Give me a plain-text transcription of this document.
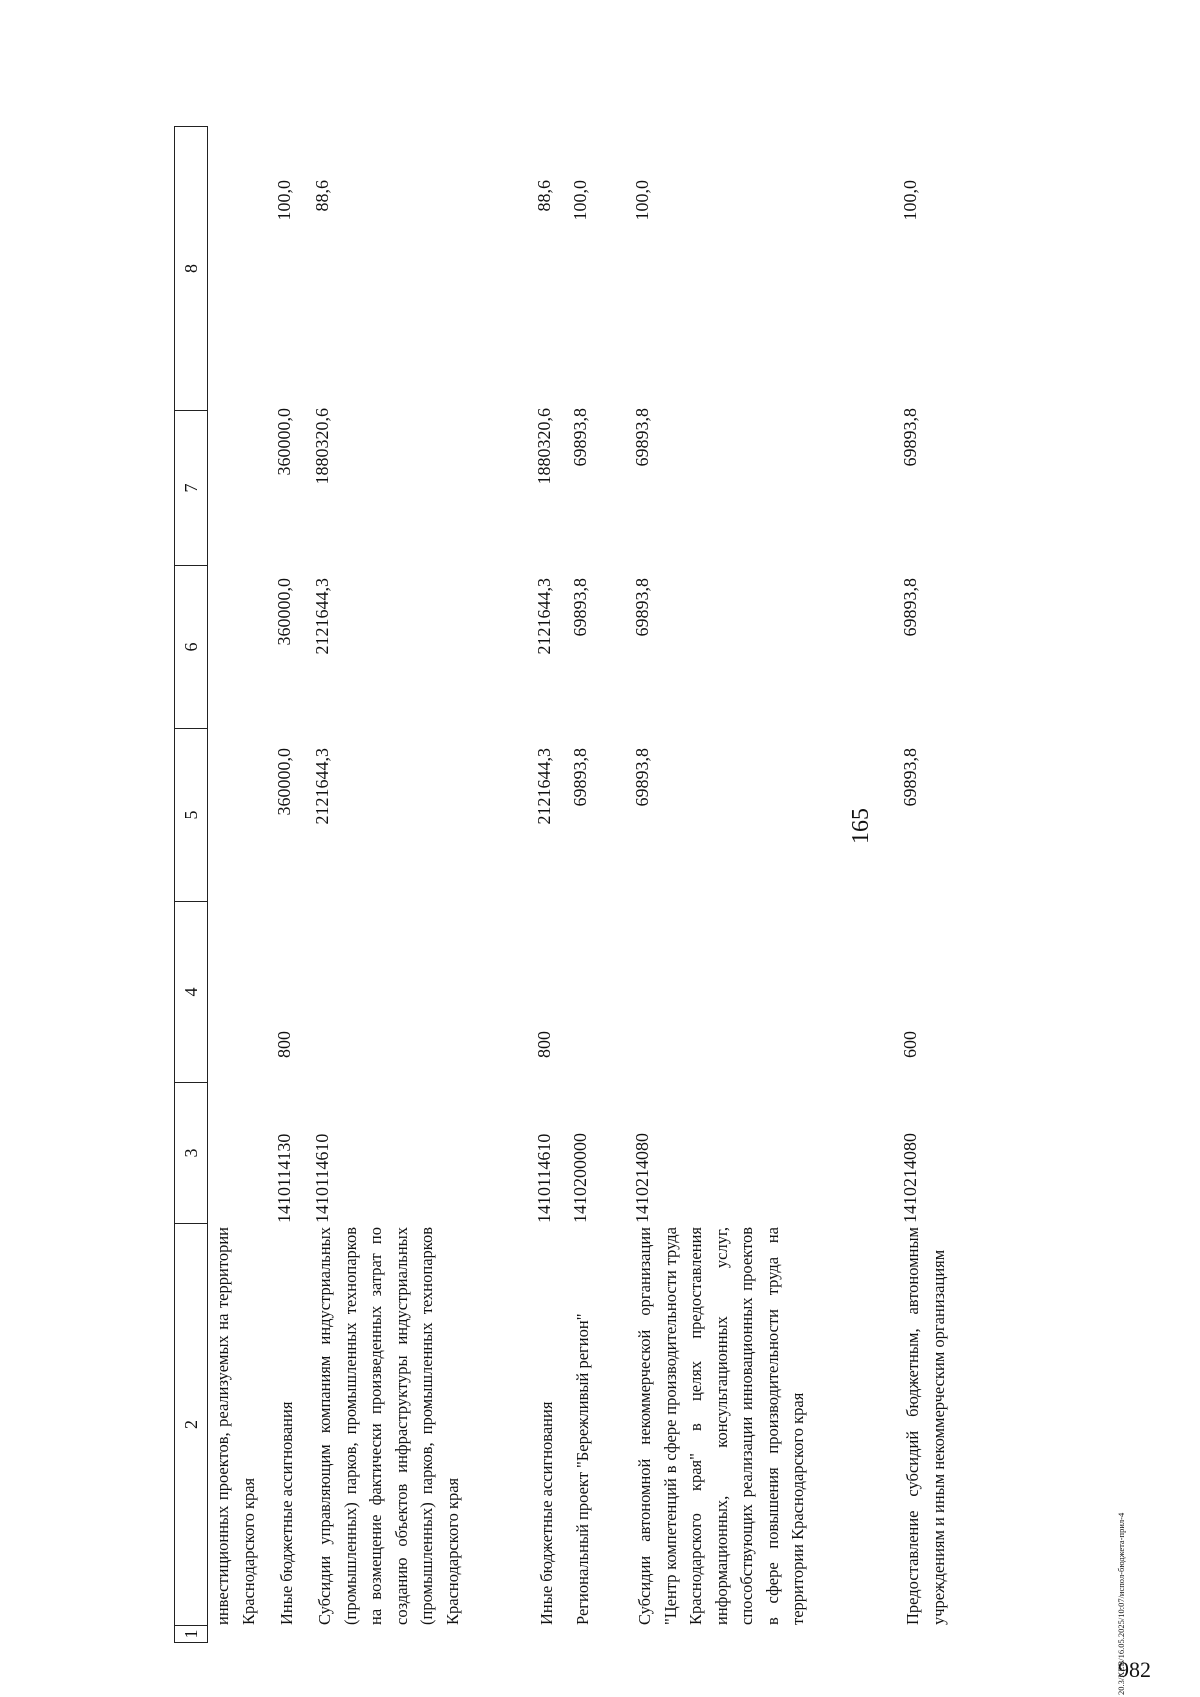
165
1
2
3
4
5
6
7
8
инвестиционных проектов, реализуемых на территории Краснодарского края Иные бюджетные ассигнования
1410114130
800
360000,0
360000,0
360000,0
100,0
Субсидии управляющим компаниям индустриальных (промышленных) парков, промышленных технопарков на возмещение фактически произведенных затрат по созданию объектов инфраструктуры индустриальных (промышленных) парков, промышленных технопарков Краснодарского края
1410114610
2121644,3
2121644,3
1880320,6
88,6
Иные бюджетные ассигнования
1410114610
800
2121644,3
2121644,3
1880320,6
88,6
Региональный проект "Бережливый регион"
1410200000
69893,8
69893,8
69893,8
100,0
Субсидии автономной некоммерческой организации "Центр компетенций в сфере производительности труда Краснодарского края" в целях предоставления информационных, консультационных услуг, способствующих реализации инновационных проектов в сфере повышения производительности труда на территории Краснодарского края
1410214080
69893,8
69893,8
69893,8
100,0
Предоставление субсидий бюджетным, автономным учреждениям и иным некоммерческим организациям
1410214080
600
69893,8
69893,8
69893,8
100,0
20.3/ХЕВ/16.05.2025/10:07/испол-бюджета-прил-4
982
